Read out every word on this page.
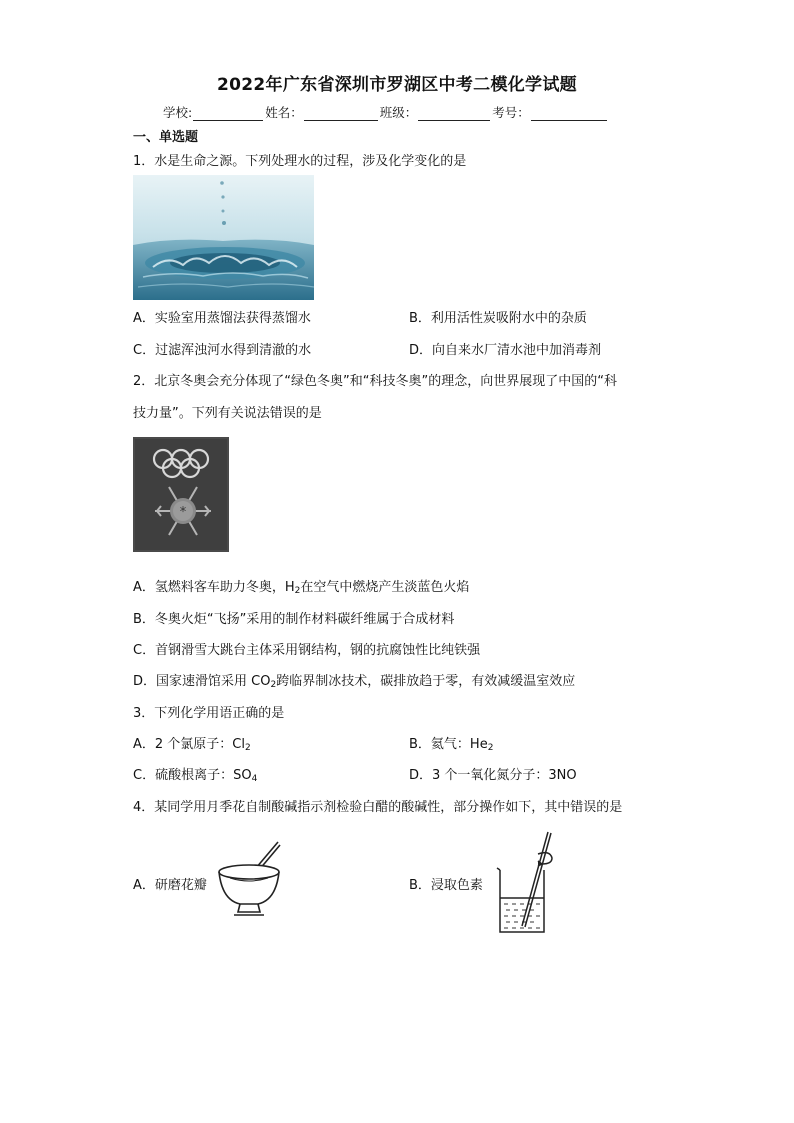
2022年广东省深圳市罗湖区中考二模化学试题
学校:	姓名：	班级：	考号：
一、单选题
1．水是生命之源。下列处理水的过程，涉及化学变化的是
A．实验室用蒸馏法获得蒸馏水	B．利用活性炭吸附水中的杂质
C．过滤浑浊河水得到清澈的水	D．向自来水厂清水池中加消毒剂
2．北京冬奥会充分体现了“绿色冬奥”和“科技冬奥”的理念，向世界展现了中国的“科
技力量”。下列有关说法错误的是
*
A．氢燃料客车助力冬奥，$H_2$在空气中燃烧产生淡蓝色火焰
B．冬奥火炬“飞扬”采用的制作材料碳纤维属于合成材料
C．首钢滑雪大跳台主体采用钢结构，钢的抗腐蚀性比纯铁强
D．国家速滑馆采用 $CO_2$跨临界制冰技术，碳排放趋于零，有效减缓温室效应
3．下列化学用语正确的是
A．2 个氯原子：$Cl_2$	B．氦气：$He_2$
C．硫酸根离子：$SO_4$	D．3 个一氧化氮分子：3NO
4．某同学用月季花自制酸碱指示剂检验白醋的酸碱性，部分操作如下，其中错误的是
A．研磨花瓣	B．浸取色素
